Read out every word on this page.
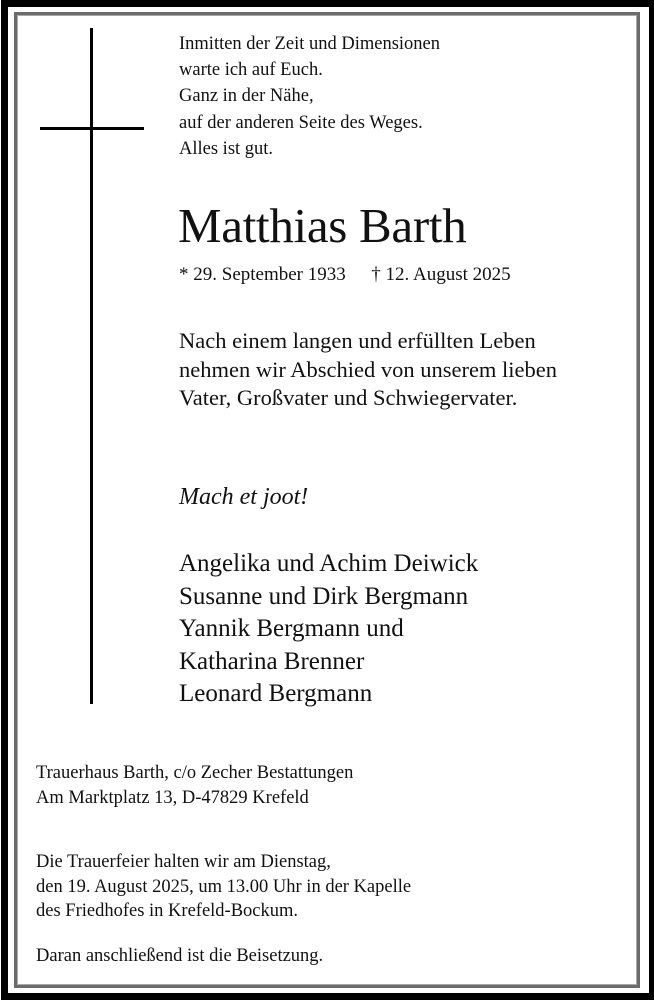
Inmitten der Zeit und Dimensionen
warte ich auf Euch.
Ganz in der Nähe,
auf der anderen Seite des Weges.
Alles ist gut.
Matthias Barth
* 29. September 1933 † 12. August 2025
Nach einem langen und erfüllten Leben
nehmen wir Abschied von unserem lieben
Vater, Großvater und Schwiegervater.
Mach et joot!
Angelika und Achim Deiwick
Susanne und Dirk Bergmann
Yannik Bergmann und
Katharina Brenner
Leonard Bergmann
Trauerhaus Barth, c/o Zecher Bestattungen
Am Marktplatz 13, D-47829 Krefeld
Die Trauerfeier halten wir am Dienstag,
den 19. August 2025, um 13.00 Uhr in der Kapelle
des Friedhofes in Krefeld-Bockum.
Daran anschließend ist die Beisetzung.
